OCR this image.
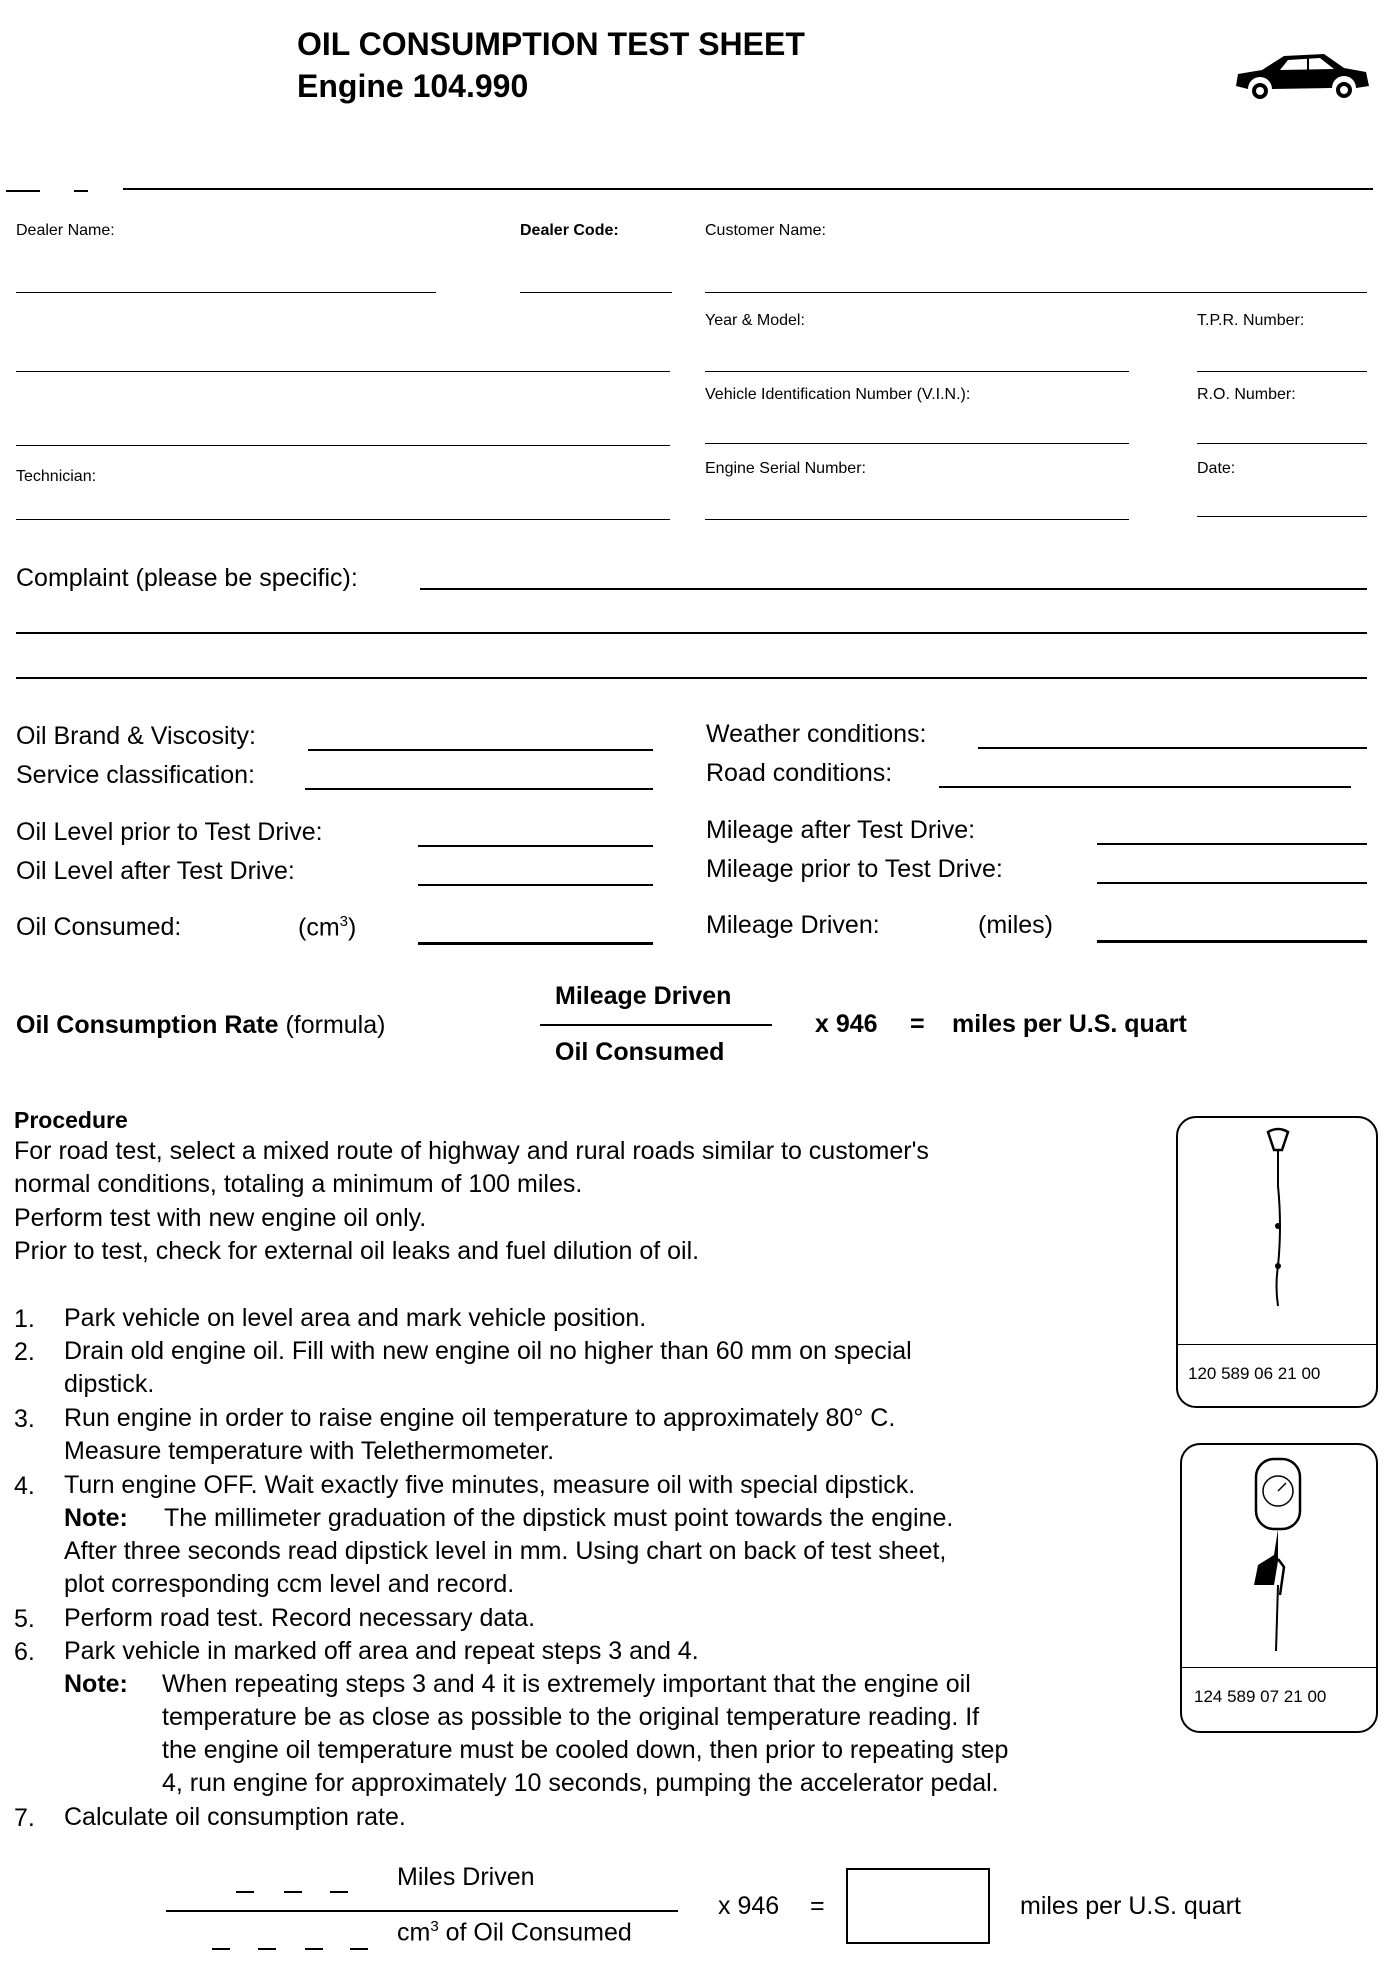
OIL CONSUMPTION TEST SHEET
Engine 104.990
Dealer Name:	Dealer Code:	Customer Name:
Year & Model:	T.P.R. Number:
Vehicle Identification Number (V.I.N.):	R.O. Number:
Technician:	Engine Serial Number:	Date:
Complaint (please be specific):
Oil Brand & Viscosity:	Weather conditions:
Service classification:	Road conditions:
Oil Level prior to Test Drive:	Mileage after Test Drive:
Oil Level after Test Drive:	Mileage prior to Test Drive:
Oil Consumed:	$(cm^3)$	Mileage Driven:	(miles)
Oil Consumption Rate (formula)
Mileage Driven
Oil Consumed
x 946 = miles per U.S. quart
Procedure
For road test, select a mixed route of highway and rural roads similar to customer's
normal conditions, totaling a minimum of 100 miles.
Perform test with new engine oil only.
Prior to test, check for external oil leaks and fuel dilution of oil.
1. Park vehicle on level area and mark vehicle position.
2. Drain old engine oil. Fill with new engine oil no higher than 60 mm on special
dipstick.
3. Run engine in order to raise engine oil temperature to approximately 80° C.
Measure temperature with Telethermometer.
4. Turn engine OFF. Wait exactly five minutes, measure oil with special dipstick.
Note: The millimeter graduation of the dipstick must point towards the engine.
After three seconds read dipstick level in mm. Using chart on back of test sheet,
plot corresponding ccm level and record.
5. Perform road test. Record necessary data.
6. Park vehicle in marked off area and repeat steps 3 and 4.
Note: When repeating steps 3 and 4 it is extremely important that the engine oil
temperature be as close as possible to the original temperature reading. If
the engine oil temperature must be cooled down, then prior to repeating step
4, run engine for approximately 10 seconds, pumping the accelerator pedal.
7. Calculate oil consumption rate.
120 589 06 21 00
124 589 07 21 00
Miles Driven
$cm^3$ of Oil Consumed
x 946 =	miles per U.S. quart
